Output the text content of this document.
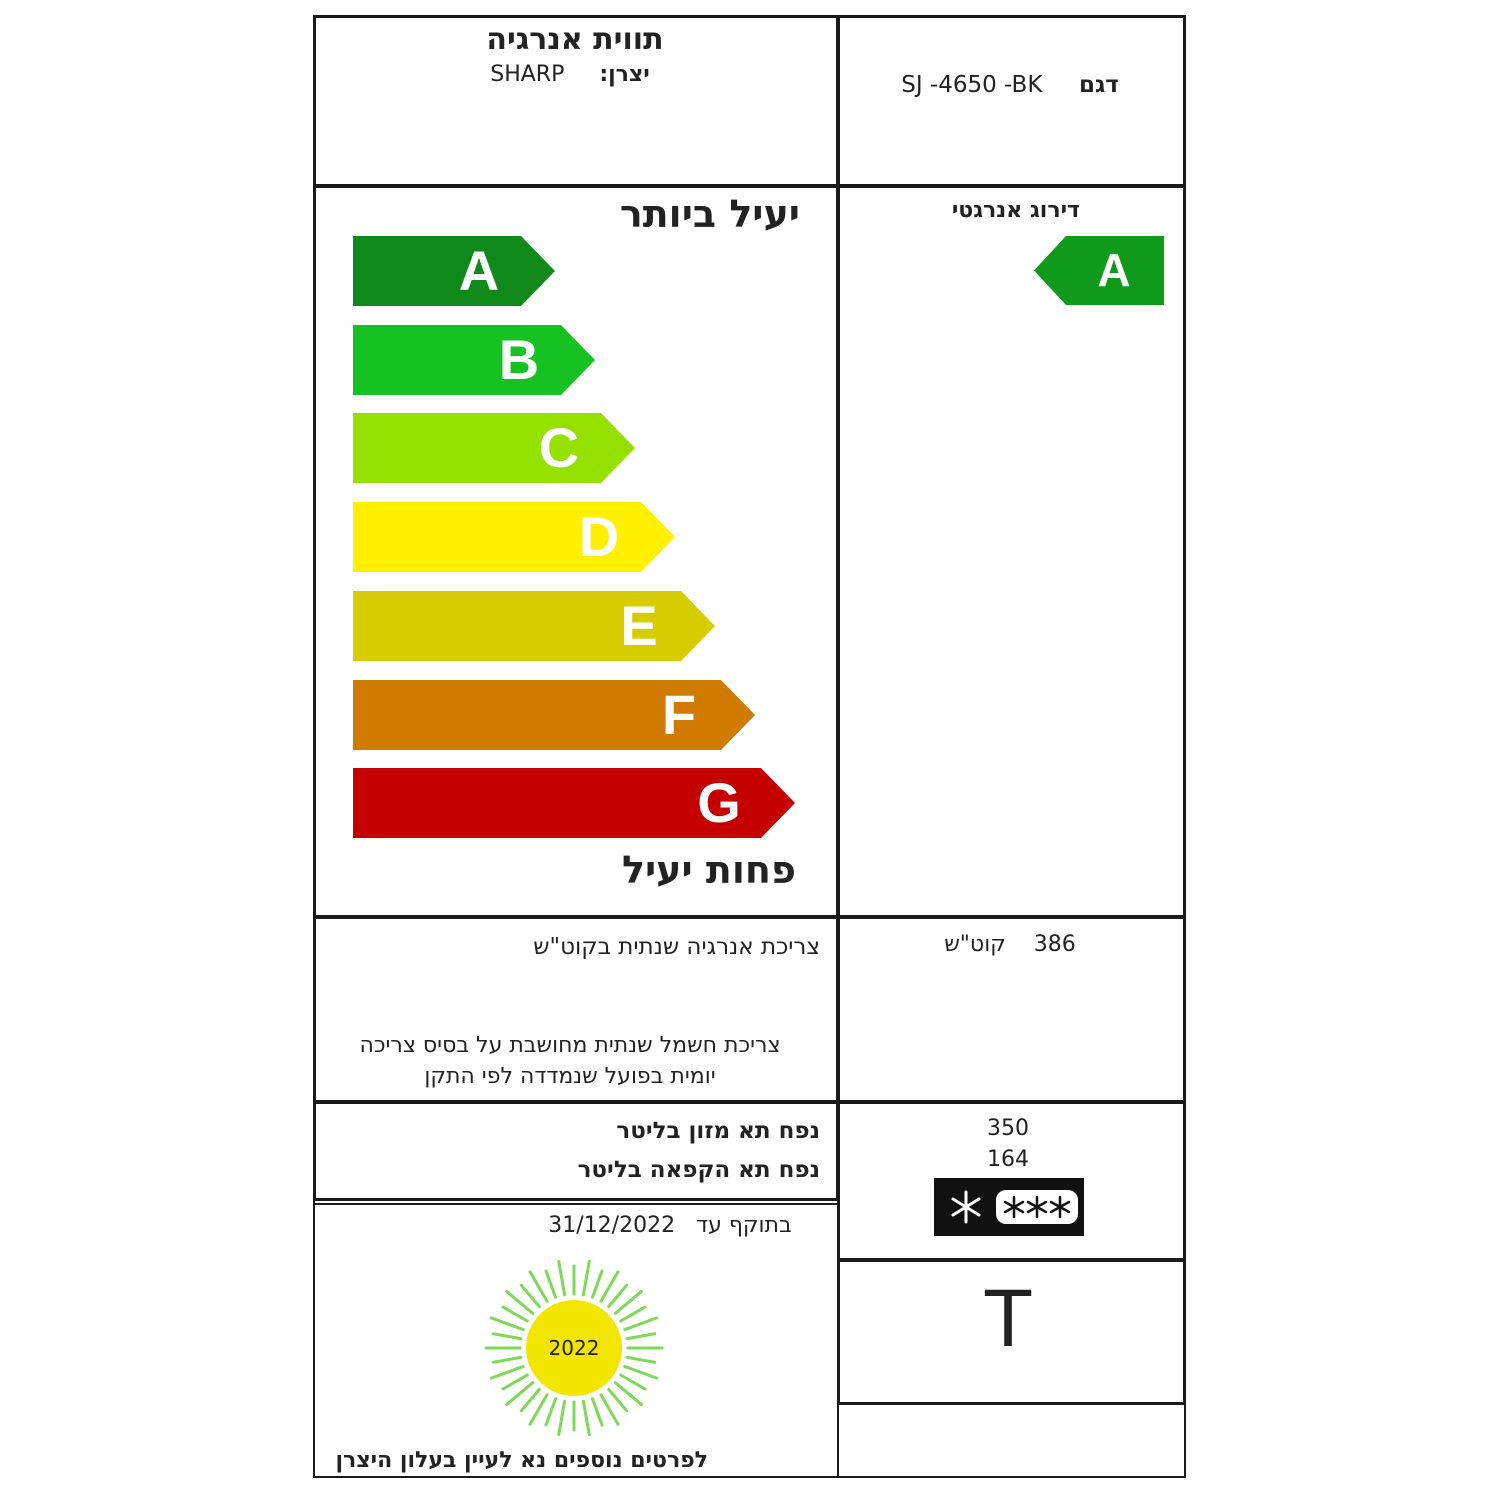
תווית אנרגיה
SHARP יצרן:	SJ -4650 -BK דגם
יעיל ביותר
A
B
C
D
E
F
G
פחות יעיל
דירוג אנרגטי
A
צריכת אנרגיה שנתית בקוט"ש
צריכת חשמל שנתית מחושבת על בסיס צריכה
יומית בפועל שנמדדה לפי התקן
קוט"ש 386
נפח תא מזון בליטר
נפח תא הקפאה בליטר
350
164
31/12/2022 בתוקף עד
2022
לפרטים נוספים נא לעיין בעלון היצרן
T
